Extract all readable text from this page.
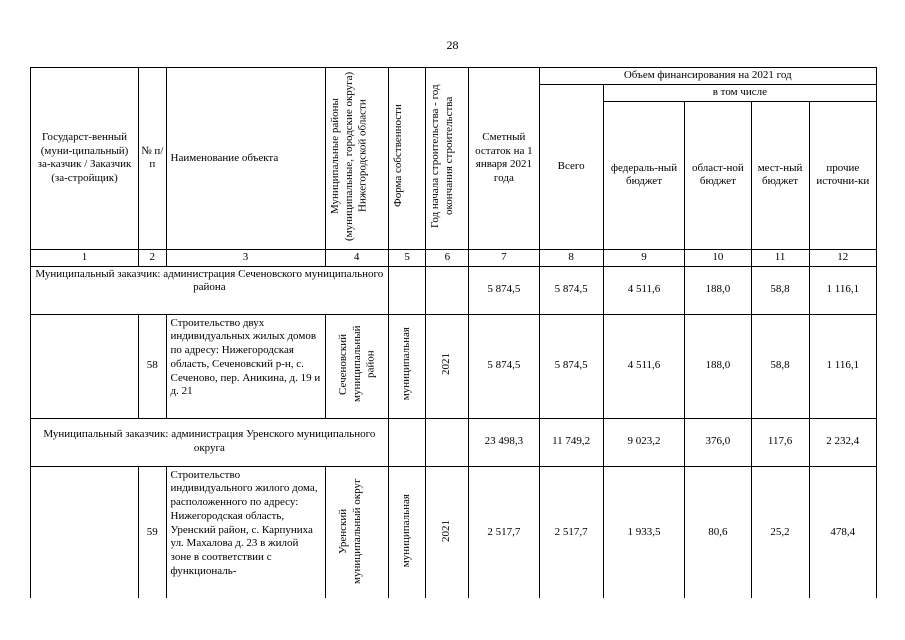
28
Государст-венный (муни-ципальный) за-казчик / Заказчик (за-стройщик)	№ п/п	Наименование объекта	Муниципальные районы (муниципальные, городские округа) Нижегородской области	Форма собственности	Год начала строительства - год окончания строительства	Сметный остаток на 1 января 2021 года	Объем финансирования на 2021 год				
							Всего	в том числе			
								федераль-ный бюджет	област-ной бюджет	мест-ный бюджет	прочие источни-ки
1	2	3	4	5	6	7	8	9	10	11	12
Муниципальный заказчик: администрация Сеченовского муниципального района						5 874,5	5 874,5	4 511,6	188,0	58,8	1 116,1
	58	Строительство двух индивидуальных жилых домов по адресу: Нижегородская область, Сеченовский р-н, с. Сеченово, пер. Аникина, д. 19 и д. 21	Сеченовский муниципальный район	муниципальная	2021	5 874,5	5 874,5	4 511,6	188,0	58,8	1 116,1
Муниципальный заказчик: администрация Уренского муниципального округа						23 498,3	11 749,2	9 023,2	376,0	117,6	2 232,4
	59	Строительство индивидуального жилого дома, расположенного по адресу: Нижегородская область, Уренский район, с. Карпуниха ул. Махалова д. 23 в жилой зоне в соответствии с функциональ-	Уренский муниципальный округ	муниципальная	2021	2 517,7	2 517,7	1 933,5	80,6	25,2	478,4
